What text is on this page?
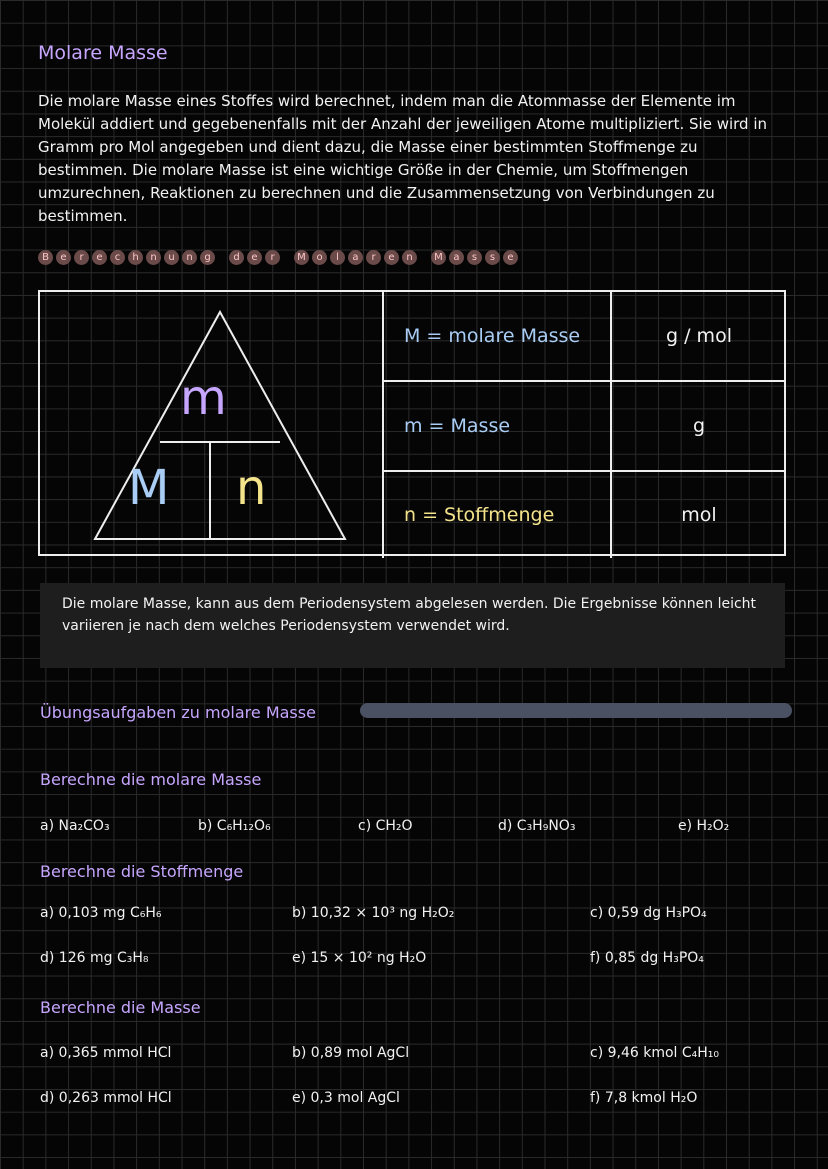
Molare Masse
Die molare Masse eines Stoffes wird berechnet, indem man die Atommasse der Elemente im Molekül addiert und gegebenenfalls mit der Anzahl der jeweiligen Atome multipliziert. Sie wird in Gramm pro Mol angegeben und dient dazu, die Masse einer bestimmten Stoffmenge zu bestimmen. Die molare Masse ist eine wichtige Größe in der Chemie, um Stoffmengen umzurechnen, Reaktionen zu berechnen und die Zusammensetzung von Verbindungen zu bestimmen.
B	e	r	e	c	h	n	u	n	g	d	e	r	M	o	l	a	r	e	n	M	a	s	s	e
m
M n
M = molare Masse	g / mol
m = Masse	g
n = Stoffmenge	mol
Die molare Masse, kann aus dem Periodensystem abgelesen werden. Die Ergebnisse können leicht variieren je nach dem welches Periodensystem verwendet wird.
Übungsaufgaben zu molare Masse
Berechne die molare Masse
a) Na₂CO₃	b) C₆H₁₂O₆	c) CH₂O	d) C₃H₉NO₃	e) H₂O₂
Berechne die Stoffmenge
a) 0,103 mg C₆H₆	b) 10,32 × 10³ ng H₂O₂	c) 0,59 dg H₃PO₄
d) 126 mg C₃H₈	e) 15 × 10² ng H₂O	f) 0,85 dg H₃PO₄
Berechne die Masse
a) 0,365 mmol HCl	b) 0,89 mol AgCl	c) 9,46 kmol C₄H₁₀
d) 0,263 mmol HCl	e) 0,3 mol AgCl	f) 7,8 kmol H₂O
